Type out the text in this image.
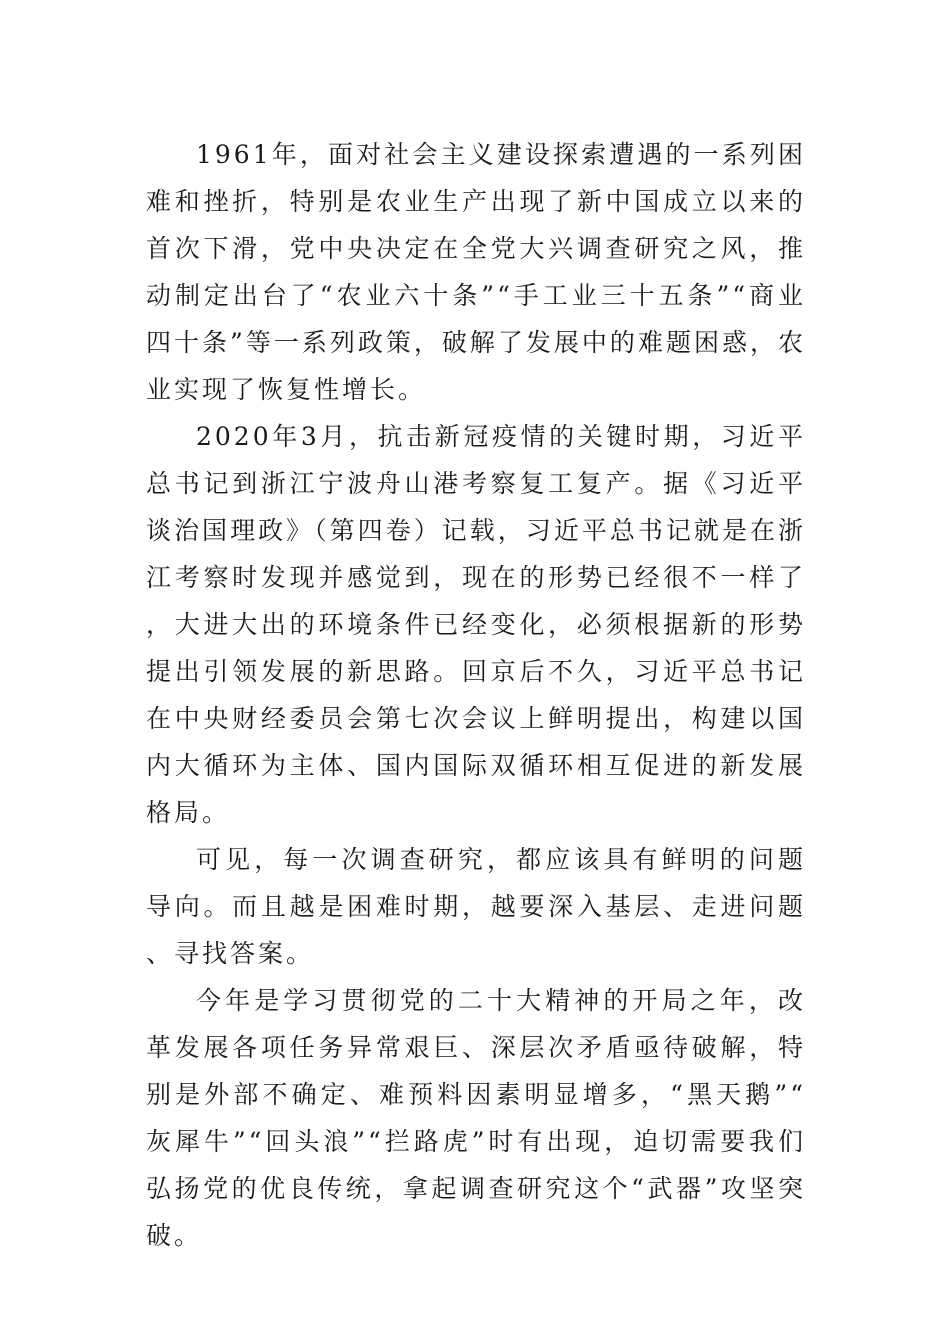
1961年，面对社会主义建设探索遭遇的一系列困难和挫折，特别是农业生产出现了新中国成立以来的首次下滑，党中央决定在全党大兴调查研究之风，推动制定出台了“农业六十条”“手工业三十五条”“商业四十条”等一系列政策，破解了发展中的难题困惑，农业实现了恢复性增长。

2020年3月，抗击新冠疫情的关键时期，习近平总书记到浙江宁波舟山港考察复工复产。据《习近平谈治国理政》（第四卷）记载，习近平总书记就是在浙江考察时发现并感觉到，现在的形势已经很不一样了，大进大出的环境条件已经变化，必须根据新的形势提出引领发展的新思路。回京后不久，习近平总书记在中央财经委员会第七次会议上鲜明提出，构建以国内大循环为主体、国内国际双循环相互促进的新发展格局。

可见，每一次调查研究，都应该具有鲜明的问题导向。而且越是困难时期，越要深入基层、走进问题、寻找答案。

今年是学习贯彻党的二十大精神的开局之年，改革发展各项任务异常艰巨、深层次矛盾亟待破解，特别是外部不确定、难预料因素明显增多，“黑天鹅”“灰犀牛”“回头浪”“拦路虎”时有出现，迫切需要我们弘扬党的优良传统，拿起调查研究这个“武器”攻坚突破。
